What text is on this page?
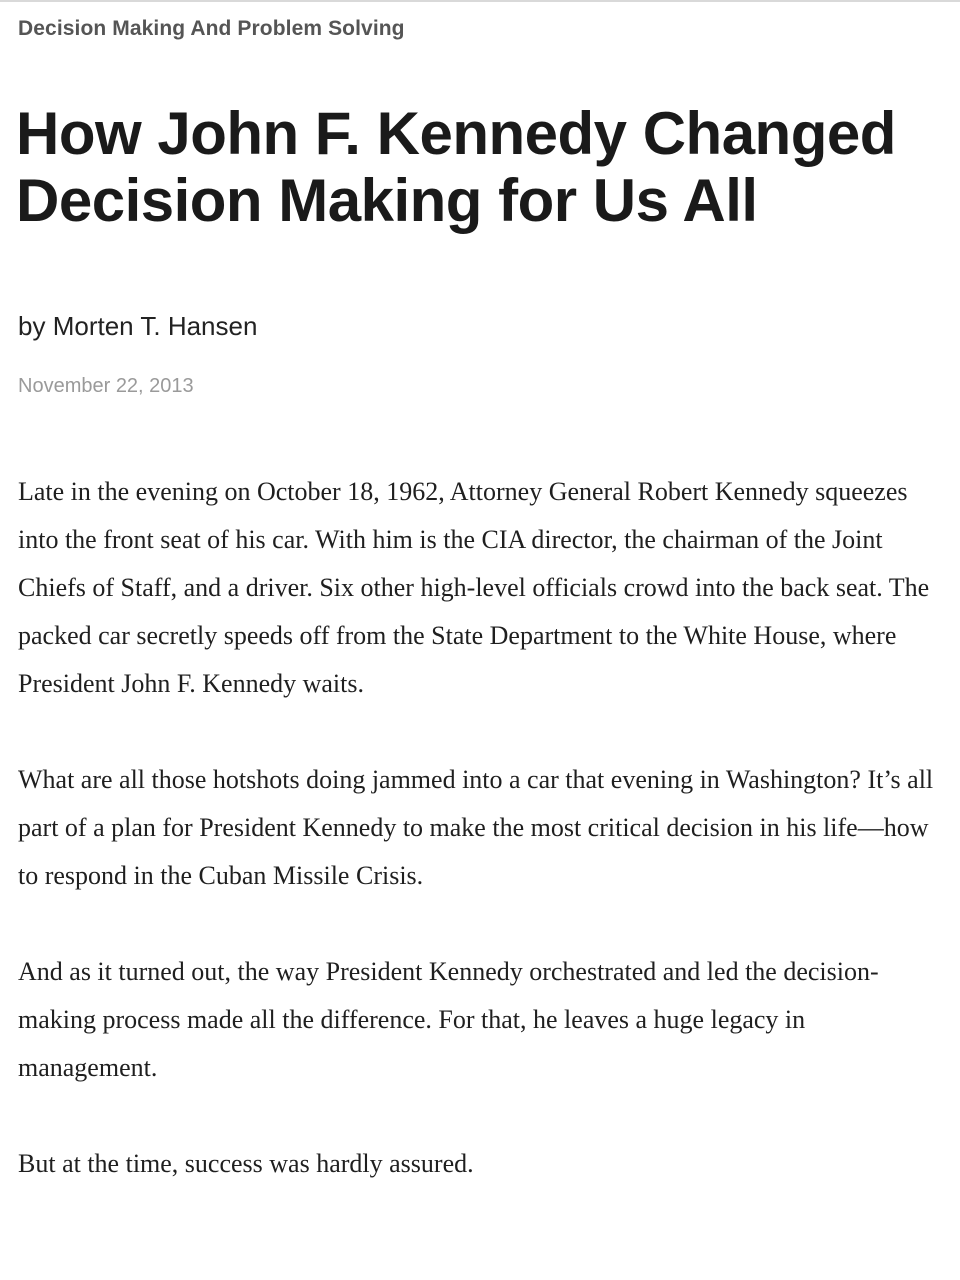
Decision Making And Problem Solving
How John F. Kennedy Changed Decision Making for Us All
by Morten T. Hansen
November 22, 2013

Late in the evening on October 18, 1962, Attorney General Robert Kennedy squeezes into the front seat of his car. With him is the CIA director, the chairman of the Joint Chiefs of Staff, and a driver. Six other high-level officials crowd into the back seat. The packed car secretly speeds off from the State Department to the White House, where President John F. Kennedy waits.

What are all those hotshots doing jammed into a car that evening in Washington? It’s all part of a plan for President Kennedy to make the most critical decision in his life—how to respond in the Cuban Missile Crisis.

And as it turned out, the way President Kennedy orchestrated and led the decision-making process made all the difference. For that, he leaves a huge legacy in management.

But at the time, success was hardly assured.
